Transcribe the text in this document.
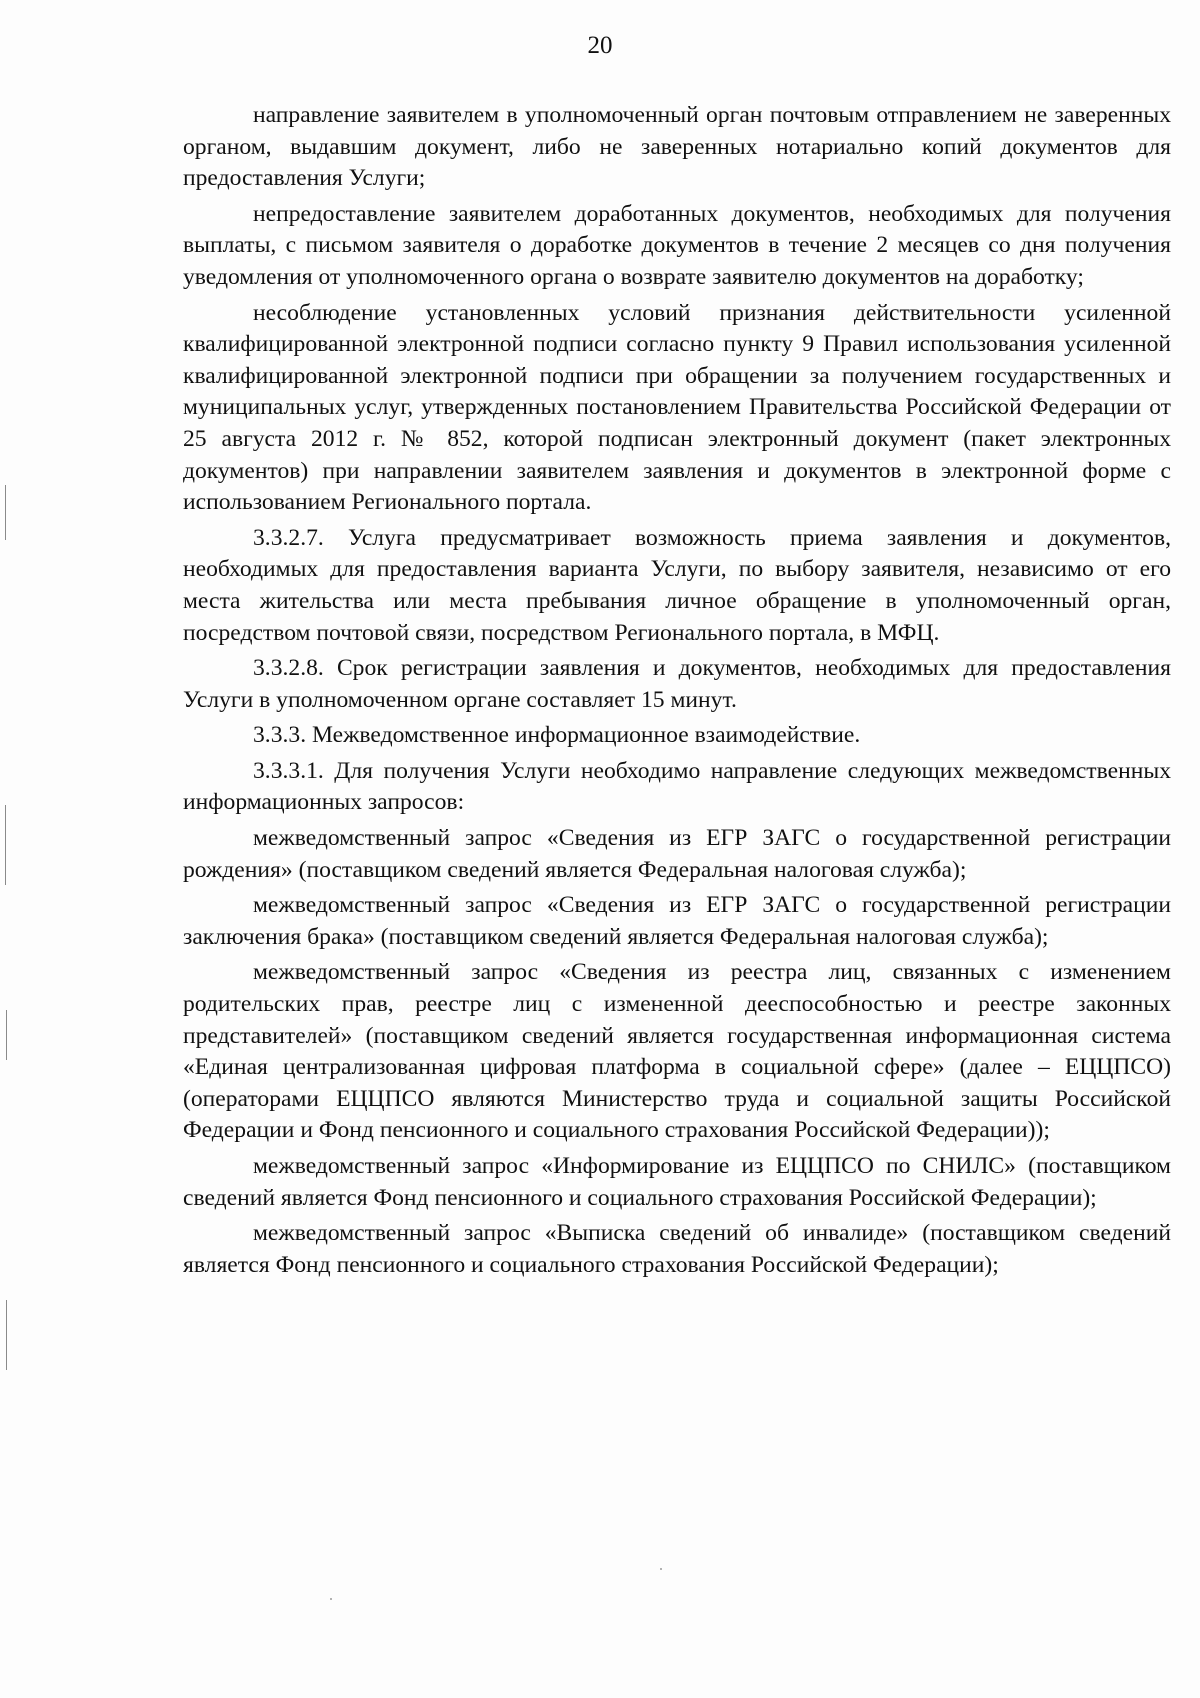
20

направление заявителем в уполномоченный орган почтовым отправлением не заверенных органом, выдавшим документ, либо не заверенных нотариально копий документов для предоставления Услуги;

непредоставление заявителем доработанных документов, необходимых для получения выплаты, с письмом заявителя о доработке документов в течение 2 месяцев со дня получения уведомления от уполномоченного органа о возврате заявителю документов на доработку;

несоблюдение установленных условий признания действительности усиленной квалифицированной электронной подписи согласно пункту 9 Правил использования усиленной квалифицированной электронной подписи при обращении за получением государственных и муниципальных услуг, утвержденных постановлением Правительства Российской Федерации от 25 августа 2012 г. № 852, которой подписан электронный документ (пакет электронных документов) при направлении заявителем заявления и документов в электронной форме с использованием Регионального портала.

3.3.2.7. Услуга предусматривает возможность приема заявления и документов, необходимых для предоставления варианта Услуги, по выбору заявителя, независимо от его места жительства или места пребывания личное обращение в уполномоченный орган, посредством почтовой связи, посредством Регионального портала, в МФЦ.

3.3.2.8. Срок регистрации заявления и документов, необходимых для предоставления Услуги в уполномоченном органе составляет 15 минут.

3.3.3. Межведомственное информационное взаимодействие.

3.3.3.1. Для получения Услуги необходимо направление следующих межведомственных информационных запросов:

межведомственный запрос «Сведения из ЕГР ЗАГС о государственной регистрации рождения» (поставщиком сведений является Федеральная налоговая служба);

межведомственный запрос «Сведения из ЕГР ЗАГС о государственной регистрации заключения брака» (поставщиком сведений является Федеральная налоговая служба);

межведомственный запрос «Сведения из реестра лиц, связанных с изменением родительских прав, реестре лиц с измененной дееспособностью и реестре законных представителей» (поставщиком сведений является государственная информационная система «Единая централизованная цифровая платформа в социальной сфере» (далее – ЕЦЦПСО) (операторами ЕЦЦПСО являются Министерство труда и социальной защиты Российской Федерации и Фонд пенсионного и социального страхования Российской Федерации));

межведомственный запрос «Информирование из ЕЦЦПСО по СНИЛС» (поставщиком сведений является Фонд пенсионного и социального страхования Российской Федерации);

межведомственный запрос «Выписка сведений об инвалиде» (поставщиком сведений является Фонд пенсионного и социального страхования Российской Федерации);
